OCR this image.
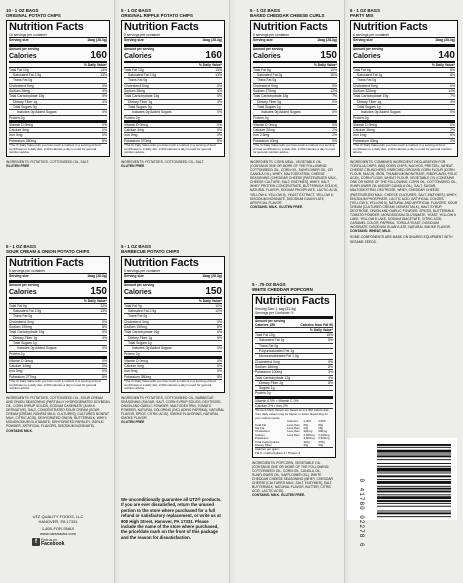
10 - 1 OZ BAGS
ORIGINAL POTATO CHIPS
Nutrition Facts
10 servings per container
Serving size	1bag (28.3g)
Amount per serving
Calories	160
% Daily Value*
Total Fat 10g	13%
Saturated Fat 2.5g	13%
Trans Fat 0g
Cholesterol 0mg	0%
Sodium 95mg	4%
Total Carbohydrate 15g	5%
Dietary Fiber 1g	4%
Total Sugars 0g
Includes 0g Added Sugars	0%
Protein 2g
Vitamin D 0mcg	0%
Calcium 4mg	0%
Iron 0mg	0%
Potassium 380mg	8%
*The % Daily Value tells you how much a nutrient in a serving of food contributes to a daily diet. 2,000 calories a day is used for general nutrition advice.
INGREDIENTS: POTATOES, COTTONSEED OIL, SALT.
GLUTEN FREE
5 - 1 OZ BAGS
ORIGINAL RIPPLE POTATO CHIPS
Nutrition Facts
5 servings per container
Serving size	1bag (28.3g)
Amount per serving
Calories	160
% Daily Value*
Total Fat 10g	13%
Saturated Fat 2.5g	13%
Trans Fat 0g
Cholesterol 0mg	0%
Sodium 95mg	4%
Total Carbohydrate 15g	5%
Dietary Fiber 1g	4%
Total Sugars 0g
Includes 0g Added Sugars	0%
Protein 2g
Vitamin D 0mcg	0%
Calcium 4mg	0%
Iron 0mg	0%
Potassium 370mg	8%
*The % Daily Value tells you how much a nutrient in a serving of food contributes to a daily diet. 2,000 calories a day is used for general nutrition advice.
INGREDIENTS: POTATOES, COTTONSEED OIL, SALT.
GLUTEN FREE
5 - 1 OZ BAGS
BAKED CHEDDAR CHEESE CURLS
Nutrition Facts
5 servings per container
Serving size	1bag (28.3g)
Amount per serving
Calories	150
% Daily Value*
Total Fat 8g	10%
Saturated Fat 2g	10%
Trans Fat 0g
Cholesterol 0mg	0%
Sodium 270mg	12%
Total Carbohydrate 18g	7%
Dietary Fiber 0g	0%
Total Sugars 1g
Includes 0g Added Sugars	0%
Protein 2g
Vitamin D 0mcg	0%
Calcium 20mg	2%
Iron 0.5mg	2%
Potassium 40mg	0%
*The % Daily Value tells you how much a nutrient in a serving of food contributes to a daily diet. 2,000 calories a day is used for general nutrition advice.
INGREDIENTS: CORN MEAL, VEGETABLE OIL (CONTAINS ONE OR MORE OF THE FOLLOWING: COTTONSEED OIL, CORN OIL, SUNFLOWER OIL, OR CANOLA OIL), WHEY, MALTODEXTRIN, CHEESE SEASONING (CHEDDAR CHEESE [PASTEURIZED MILK, CHEESE CULTURE, SALT, ENZYMES], WHEY, SALT, WHEY PROTEIN CONCENTRATE, BUTTERMILK SOLIDS, NATURAL FLAVOR, SODIUM PHOSPHATE, LACTIC ACID, YELLOW 6, YELLOW 5), YEAST EXTRACT, YELLOW 6, DISODIUM INOSINATE, DISODIUM GUANYLATE, ARTIFICIAL FLAVOR.
CONTAINS: MILK. GLUTEN FREE.
6 - 1 OZ BAGS
PARTY MIX
Nutrition Facts
6 servings per container
Serving size	1bag (28.3g)
Amount per serving
Calories	140
% Daily Value*
Total Fat 6g	8%
Saturated Fat 1g	5%
Trans Fat 0g
Cholesterol 0mg	0%
Sodium 320mg	14%
Total Carbohydrate 19g	7%
Dietary Fiber 1g	4%
Total Sugars 1g
Includes 0g Added Sugars	0%
Protein 2g
Vitamin D 0mcg	0%
Calcium 16mg	2%
Iron 1mg	6%
Potassium 40mg	0%
*The % Daily Value tells you how much a nutrient in a serving of food contributes to a daily diet. 2,000 calories a day is used for general nutrition advice.
INGREDIENTS: COMBINED INGREDIENT DECLARATION FOR: TORTILLA CHIPS, BBQ CORN CHIPS, NACHOS, PRETZEL, WHEAT CHEESE CRUNCHERS. ENRICHED GROUND CORN FLOUR (CORN FLOUR, NIACIN, IRON, THIAMIN MONONITRATE, RIBOFLAVIN, FOLIC ACID), CORN FLOUR, WHEAT FLOUR, VEGETABLE OIL (CONTAINS ONE OR MORE OF THE FOLLOWING: CORN OIL, COTTONSEED OIL, SUNFLOWER OIL AND/OR CANOLA OIL), SALT, SUGAR, MALTODEXTRIN, DEXTROSE, WHEY, CHEDDAR CHEESE (PASTEURIZED MILK, CHEESE CULTURES, SALT, ENZYMES), WHEY, DISODIUM PHOSPHATE, LACTIC ACID, ARTIFICIAL COLORS (YELLOW 6, YELLOW 5), NATURAL AND ARTIFICIAL FLAVORS, SOUR CREAM (CULTURED CREAM, NONFAT MILK), MALT SYRUP, DEXTROSE, ONION AND GARLIC POWDER, SPICES, BUTTERMILK, TOMATO POWDER, MONOSODIUM GLUTAMATE, YEAST, YELLOW 6 LAKE, YELLOW 5 LAKE, SODIUM DIACETATE, CITRIC ACID, CARAMEL COLOR, PAPRIKA, TORULA YEAST, DISODIUM INOSINATE, DISODIUM GUANYLATE, NATURAL SMOKE FLAVOR.
CONTAINS: WHEAT, MILK.
SOME COMPONENTS ARE MADE ON SHARED EQUIPMENT WITH SESAME SEEDS.
5 - 1 OZ BAGS
SOUR CREAM & ONION POTATO CHIPS
Nutrition Facts
5 servings per container
Serving size	1bag (28.3g)
Amount per serving
Calories	150
% Daily Value*
Total Fat 9g	12%
Saturated Fat 2.5g	13%
Trans Fat 0g
Cholesterol 0mg	0%
Sodium 190mg	8%
Total Carbohydrate 15g	5%
Dietary Fiber 1g	4%
Total Sugars 1g
Includes 0g Added Sugars	0%
Protein 2g
Vitamin D 0mcg	0%
Calcium 14mg	2%
Iron 0mg	0%
Potassium 377mg	8%
*The % Daily Value tells you how much a nutrient in a serving of food contributes to a daily diet. 2,000 calories a day is used for general nutrition advice.
INGREDIENTS: POTATOES, COTTONSEED OIL, SOUR CREAM AND ONION SEASONING (PARTIALLY HYDROGENATED SOYBEAN OIL, CORN SYRUP SOLIDS, SODIUM CASEINATE (A MILK DERIVATIVE), SALT, CONCENTRATED SOUR CREAM (SOUR CREAM [CREAM, NONFAT MILK, CULTURES], CULTURED NONFAT MILK, CITRIC ACID), DEHYDRATED ONION, BUTTERMILK, WHEY, MONOSODIUM GLUTAMATE, DEHYDRATED PARSLEY, GARLIC POWDER, ARTIFICIAL FLAVORS, DISODIUM INOSINATE).
CONTAINS MILK.
5 - 1 OZ BAGS
BARBECUE POTATO CHIPS
Nutrition Facts
5 servings per container
Serving size	1bag (28.3g)
Amount per serving
Calories	150
% Daily Value*
Total Fat 9g	12%
Saturated Fat 2.5g	12%
Trans Fat 0g
Cholesterol 0mg	0%
Sodium 190mg	8%
Total Carbohydrate 16g	6%
Dietary Fiber 1g	5%
Total Sugars 1g
Includes 0g Added Sugars	0%
Protein 2g
Vitamin D 0mcg	0%
Calcium 0mg	0%
Iron 0mg	0%
Potassium 380mg	8%
*The % Daily Value tells you how much a nutrient in a serving of food contributes to a daily diet. 2,000 calories a day is used for general nutrition advice.
INGREDIENTS: POTATOES, COTTONSEED OIL, BARBECUE SEASONING (SUGAR, SALT, CORN SYRUP SOLIDS, DEXTROSE, ONION AND GARLIC POWDER, MALTODEXTRIN, TOMATO POWDER, NATURAL COLORING (INCLUDING PAPRIKA), NATURAL FLAVOR, SPICE, CITRIC ACID), SMOKE FLAVORING, NATURAL SMOKE FLAVOR.
GLUTEN FREE
5 - .75 OZ BAGS
WHITE CHEDDAR POPCORN
Nutrition Facts
Serving Size: 1 bag (21.3g)
Servings per Container: 5
Amount per serving
Calories 150	Calories from Fat 90
% Daily Value*
Total Fat 10g	15%
Saturated Fat 1g	5%
Trans Fat 0g
Polyunsaturated Fat 1g
Monounsaturated Fat 1.5g
Cholesterol 0mg	0%
Sodium 180mg	8%
Potassium 100mg	3%
Total Carbohydrate 12g	4%
Dietary Fiber 2g	8%
Sugars 1g
Protein 2g
Vitamin A 0% • Vitamin C 0%
Calcium 2% • Iron 2%
*Percent Daily Values are based on a 2,000 calorie diet. Your daily values may be higher or lower depending on your calorie needs.
	Calories:	2,000	2,500
Total Fat	Less than	65g	80g
Sat Fat	Less than	20g	25g
Cholesterol	Less than	300mg	300mg
Sodium	Less than	2,400mg	2,400mg
Potassium		3,500mg	3,500mg
Total Carbohydrate		300g	375g
Dietary Fiber		25g	30g
Calories per gram:
Fat 9 • Carbohydrate 4 • Protein 4
INGREDIENTS: POPCORN, VEGETABLE OIL (CONTAINS ONE OR MORE OF THE FOLLOWING: COTTONSEED OIL, CORN OIL, CANOLA OIL, SUNFLOWER OIL, SAFFLOWER OIL), WHITE CHEDDAR CHEESE SEASONING (WHEY, CHEDDAR CHEESE [CULTURED MILK, SALT, ENZYMES], SALT, BUTTERMILK, NATURAL FLAVOR, BUTTER, CITRIC ACID, LACTIC ACID).
CONTAINS: MILK. GLUTEN FREE.
UTZ QUALITY FOODS, LLC
HANOVER, PA 17331
1-800-FOR-SNAX
www.utzsnacks.com
f Find us on
Facebook
We unconditionally guarantee all UTZ® products. If you are ever dissatisfied, return the unused portion to the store where purchased for a full refund or satisfactory replacement, or write us at 900 High Street, Hanover, PA 17331. Please include the name of the store where purchased, the price/date mark on the front of this package and the reason for dissatisfaction.	0 41780 02278 6
